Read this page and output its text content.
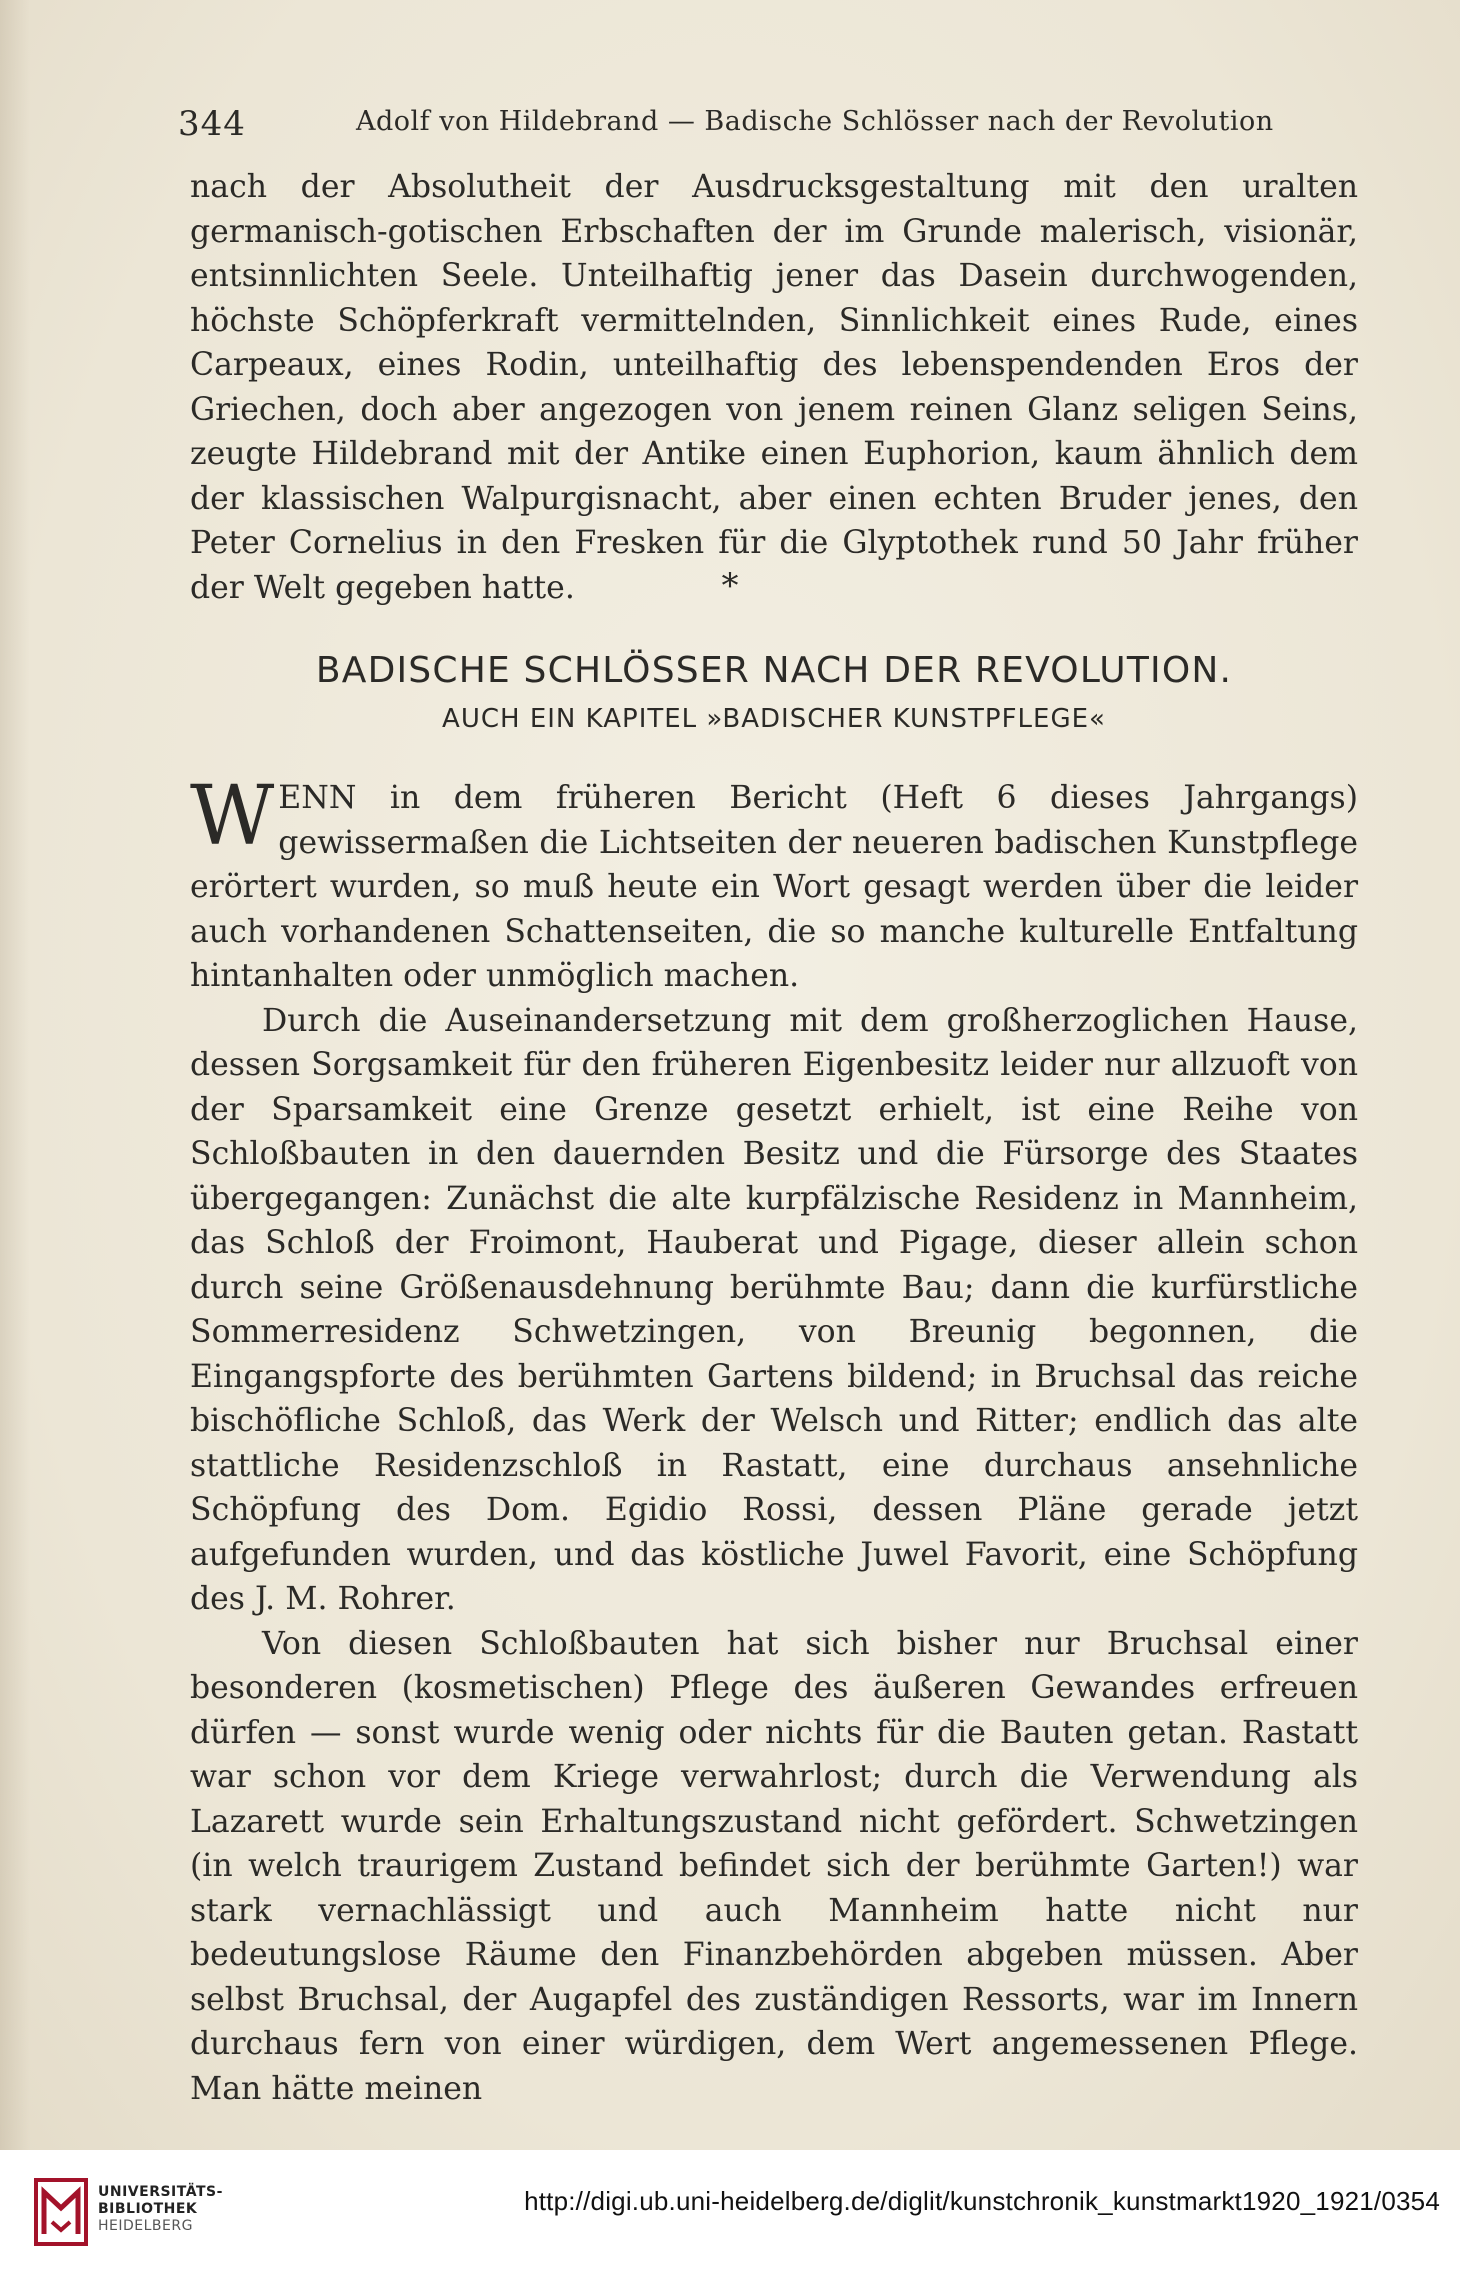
344	Adolf von Hildebrand — Badische Schlösser nach der Revolution

nach der Absolutheit der Ausdrucksgestaltung mit den uralten germanisch-gotischen Erbschaften der im Grunde malerisch, visionär, entsinnlichten Seele. Unteilhaftig jener das Dasein durchwogenden, höchste Schöpferkraft vermittelnden, Sinnlichkeit eines Rude, eines Carpeaux, eines Rodin, unteilhaftig des lebenspendenden Eros der Griechen, doch aber angezogen von jenem reinen Glanz seligen Seins, zeugte Hildebrand mit der Antike einen Euphorion, kaum ähnlich dem der klassischen Walpurgisnacht, aber einen echten Bruder jenes, den Peter Cornelius in den Fresken für die Glyptothek rund 50 Jahr früher der Welt gegeben hatte.	*
BADISCHE SCHLÖSSER NACH DER REVOLUTION.
AUCH EIN KAPITEL »BADISCHER KUNSTPFLEGE«

WENN in dem früheren Bericht (Heft 6 dieses Jahrgangs) gewissermaßen die Lichtseiten der neueren badischen Kunstpflege erörtert wurden, so muß heute ein Wort gesagt werden über die leider auch vorhandenen Schattenseiten, die so manche kulturelle Entfaltung hintanhalten oder unmöglich machen.

Durch die Auseinandersetzung mit dem großherzoglichen Hause, dessen Sorgsamkeit für den früheren Eigenbesitz leider nur allzuoft von der Sparsamkeit eine Grenze gesetzt erhielt, ist eine Reihe von Schloßbauten in den dauernden Besitz und die Fürsorge des Staates übergegangen: Zunächst die alte kurpfälzische Residenz in Mannheim, das Schloß der Froimont, Hauberat und Pigage, dieser allein schon durch seine Größenausdehnung berühmte Bau; dann die kurfürstliche Sommerresidenz Schwetzingen, von Breunig begonnen, die Eingangspforte des berühmten Gartens bildend; in Bruchsal das reiche bischöfliche Schloß, das Werk der Welsch und Ritter; endlich das alte stattliche Residenzschloß in Rastatt, eine durchaus ansehnliche Schöpfung des Dom. Egidio Rossi, dessen Pläne gerade jetzt aufgefunden wurden, und das köstliche Juwel Favorit, eine Schöpfung des J. M. Rohrer.

Von diesen Schloßbauten hat sich bisher nur Bruchsal einer besonderen (kosmetischen) Pflege des äußeren Gewandes erfreuen dürfen — sonst wurde wenig oder nichts für die Bauten getan. Rastatt war schon vor dem Kriege verwahrlost; durch die Verwendung als Lazarett wurde sein Erhaltungszustand nicht gefördert. Schwetzingen (in welch traurigem Zustand befindet sich der berühmte Garten!) war stark vernachlässigt und auch Mannheim hatte nicht nur bedeutungslose Räume den Finanzbehörden abgeben müssen. Aber selbst Bruchsal, der Augapfel des zuständigen Ressorts, war im Innern durchaus fern von einer würdigen, dem Wert angemessenen Pflege. Man hätte meinen

UNIVERSITÄTS-
BIBLIOTHEK
HEIDELBERG
http://digi.ub.uni-heidelberg.de/diglit/kunstchronik_kunstmarkt1920_1921/0354
